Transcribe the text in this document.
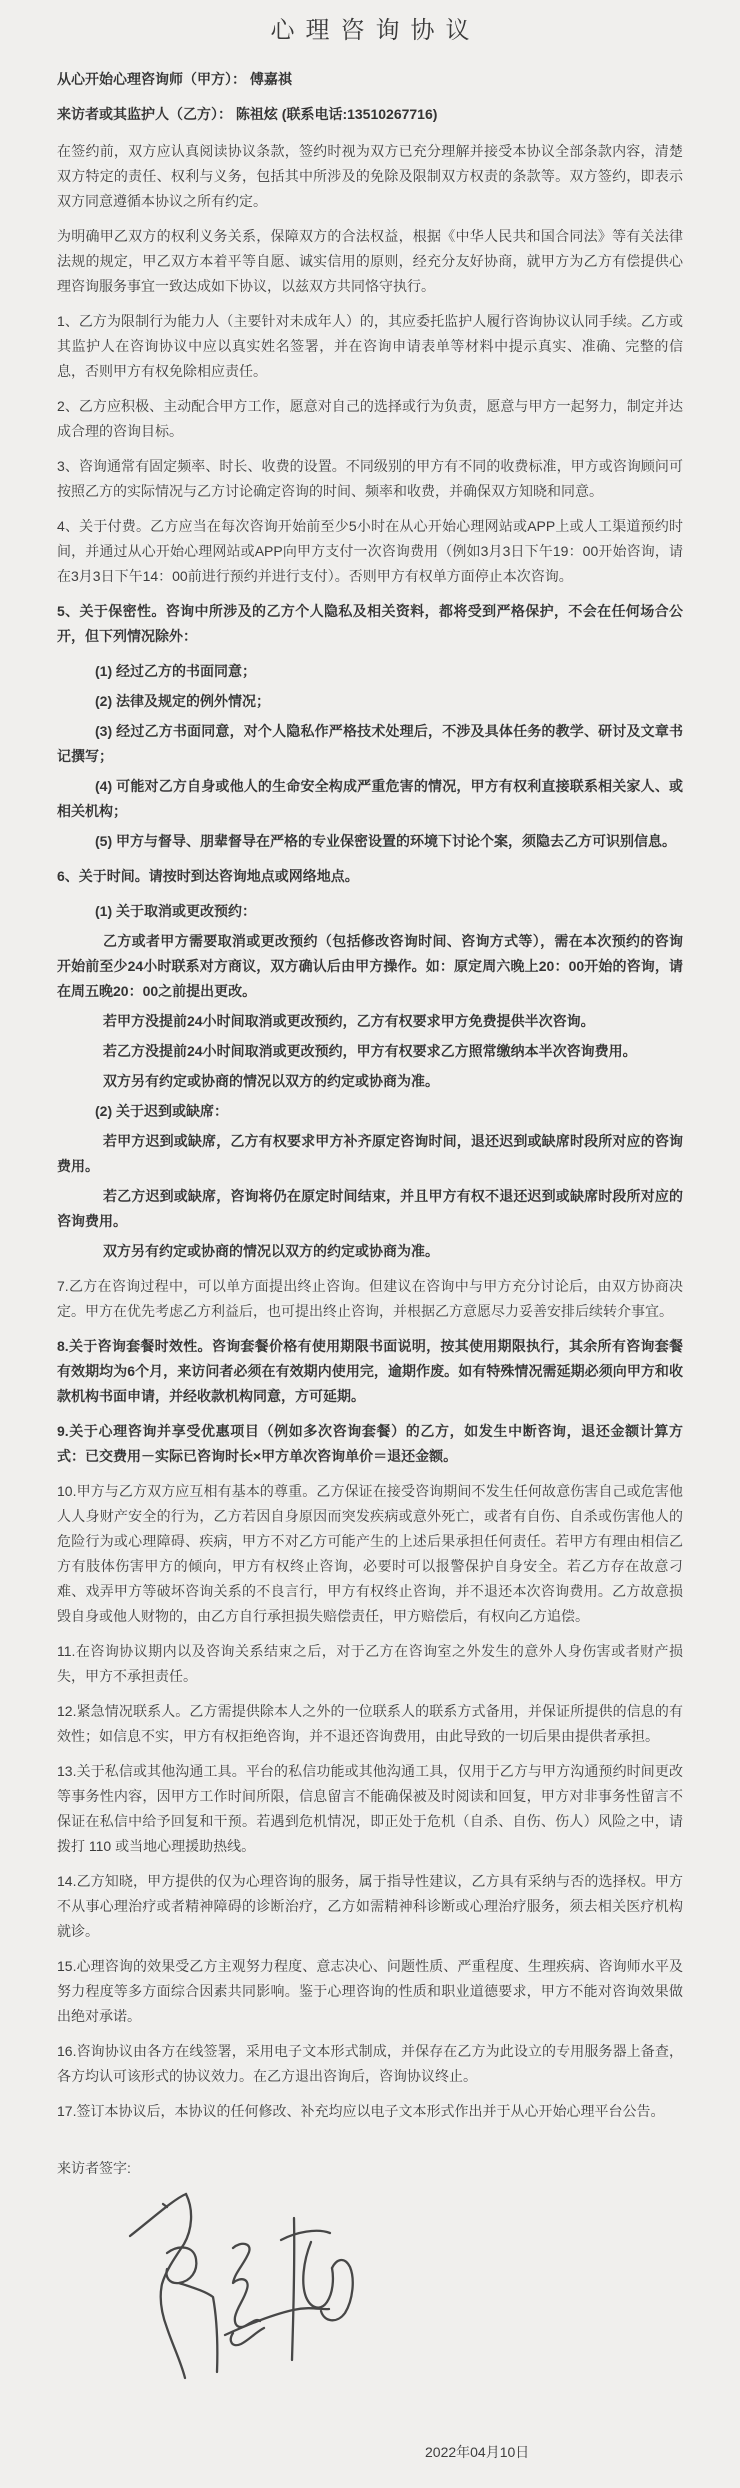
心理咨询协议
从心开始心理咨询师（甲方）： 傅嘉祺
来访者或其监护人（乙方）： 陈祖炫 (联系电话:13510267716)

在签约前，双方应认真阅读协议条款，签约时视为双方已充分理解并接受本协议全部条款内容，清楚双方特定的责任、权利与义务，包括其中所涉及的免除及限制双方权责的条款等。双方签约，即表示双方同意遵循本协议之所有约定。

为明确甲乙双方的权利义务关系，保障双方的合法权益，根据《中华人民共和国合同法》等有关法律法规的规定，甲乙双方本着平等自愿、诚实信用的原则，经充分友好协商，就甲方为乙方有偿提供心理咨询服务事宜一致达成如下协议，以兹双方共同恪守执行。

1、乙方为限制行为能力人（主要针对未成年人）的，其应委托监护人履行咨询协议认同手续。乙方或其监护人在咨询协议中应以真实姓名签署，并在咨询申请表单等材料中提示真实、准确、完整的信息，否则甲方有权免除相应责任。

2、乙方应积极、主动配合甲方工作，愿意对自己的选择或行为负责，愿意与甲方一起努力，制定并达成合理的咨询目标。

3、咨询通常有固定频率、时长、收费的设置。不同级别的甲方有不同的收费标准，甲方或咨询顾问可按照乙方的实际情况与乙方讨论确定咨询的时间、频率和收费，并确保双方知晓和同意。

4、关于付费。乙方应当在每次咨询开始前至少5小时在从心开始心理网站或APP上或人工渠道预约时间，并通过从心开始心理网站或APP向甲方支付一次咨询费用（例如3月3日下午19：00开始咨询，请在3月3日下午14：00前进行预约并进行支付）。否则甲方有权单方面停止本次咨询。

5、关于保密性。咨询中所涉及的乙方个人隐私及相关资料，都将受到严格保护，不会在任何场合公开，但下列情况除外：

(1) 经过乙方的书面同意；

(2) 法律及规定的例外情况；

(3) 经过乙方书面同意，对个人隐私作严格技术处理后，不涉及具体任务的教学、研讨及文章书记撰写；

(4) 可能对乙方自身或他人的生命安全构成严重危害的情况，甲方有权利直接联系相关家人、或相关机构；

(5) 甲方与督导、朋辈督导在严格的专业保密设置的环境下讨论个案，须隐去乙方可识别信息。

6、关于时间。请按时到达咨询地点或网络地点。

(1) 关于取消或更改预约：

乙方或者甲方需要取消或更改预约（包括修改咨询时间、咨询方式等），需在本次预约的咨询开始前至少24小时联系对方商议，双方确认后由甲方操作。如：原定周六晚上20：00开始的咨询，请在周五晚20：00之前提出更改。

若甲方没提前24小时间取消或更改预约，乙方有权要求甲方免费提供半次咨询。

若乙方没提前24小时间取消或更改预约，甲方有权要求乙方照常缴纳本半次咨询费用。

双方另有约定或协商的情况以双方的约定或协商为准。

(2) 关于迟到或缺席：

若甲方迟到或缺席，乙方有权要求甲方补齐原定咨询时间，退还迟到或缺席时段所对应的咨询费用。

若乙方迟到或缺席，咨询将仍在原定时间结束，并且甲方有权不退还迟到或缺席时段所对应的咨询费用。

双方另有约定或协商的情况以双方的约定或协商为准。

7.乙方在咨询过程中，可以单方面提出终止咨询。但建议在咨询中与甲方充分讨论后，由双方协商决定。甲方在优先考虑乙方利益后，也可提出终止咨询，并根据乙方意愿尽力妥善安排后续转介事宜。

8.关于咨询套餐时效性。咨询套餐价格有使用期限书面说明，按其使用期限执行，其余所有咨询套餐有效期均为6个月，来访问者必须在有效期内使用完，逾期作废。如有特殊情况需延期必须向甲方和收款机构书面申请，并经收款机构同意，方可延期。

9.关于心理咨询并享受优惠项目（例如多次咨询套餐）的乙方，如发生中断咨询，退还金额计算方式：已交费用－实际已咨询时长×甲方单次咨询单价＝退还金额。

10.甲方与乙方双方应互相有基本的尊重。乙方保证在接受咨询期间不发生任何故意伤害自己或危害他人人身财产安全的行为，乙方若因自身原因而突发疾病或意外死亡，或者有自伤、自杀或伤害他人的危险行为或心理障碍、疾病，甲方不对乙方可能产生的上述后果承担任何责任。若甲方有理由相信乙方有肢体伤害甲方的倾向，甲方有权终止咨询，必要时可以报警保护自身安全。若乙方存在故意刁难、戏弄甲方等破坏咨询关系的不良言行，甲方有权终止咨询，并不退还本次咨询费用。乙方故意损毁自身或他人财物的，由乙方自行承担损失赔偿责任，甲方赔偿后，有权向乙方追偿。

11.在咨询协议期内以及咨询关系结束之后，对于乙方在咨询室之外发生的意外人身伤害或者财产损失，甲方不承担责任。

12.紧急情况联系人。乙方需提供除本人之外的一位联系人的联系方式备用，并保证所提供的信息的有效性；如信息不实，甲方有权拒绝咨询，并不退还咨询费用，由此导致的一切后果由提供者承担。

13.关于私信或其他沟通工具。平台的私信功能或其他沟通工具，仅用于乙方与甲方沟通预约时间更改等事务性内容，因甲方工作时间所限，信息留言不能确保被及时阅读和回复，甲方对非事务性留言不保证在私信中给予回复和干预。若遇到危机情况，即正处于危机（自杀、自伤、伤人）风险之中，请拨打 110 或当地心理援助热线。

14.乙方知晓，甲方提供的仅为心理咨询的服务，属于指导性建议，乙方具有采纳与否的选择权。甲方不从事心理治疗或者精神障碍的诊断治疗，乙方如需精神科诊断或心理治疗服务，须去相关医疗机构就诊。

15.心理咨询的效果受乙方主观努力程度、意志决心、问题性质、严重程度、生理疾病、咨询师水平及努力程度等多方面综合因素共同影响。鉴于心理咨询的性质和职业道德要求，甲方不能对咨询效果做出绝对承诺。

16.咨询协议由各方在线签署，采用电子文本形式制成，并保存在乙方为此设立的专用服务器上备查，各方均认可该形式的协议效力。在乙方退出咨询后，咨询协议终止。

17.签订本协议后，本协议的任何修改、补充均应以电子文本形式作出并于从心开始心理平台公告。

来访者签字:
2022年04月10日
